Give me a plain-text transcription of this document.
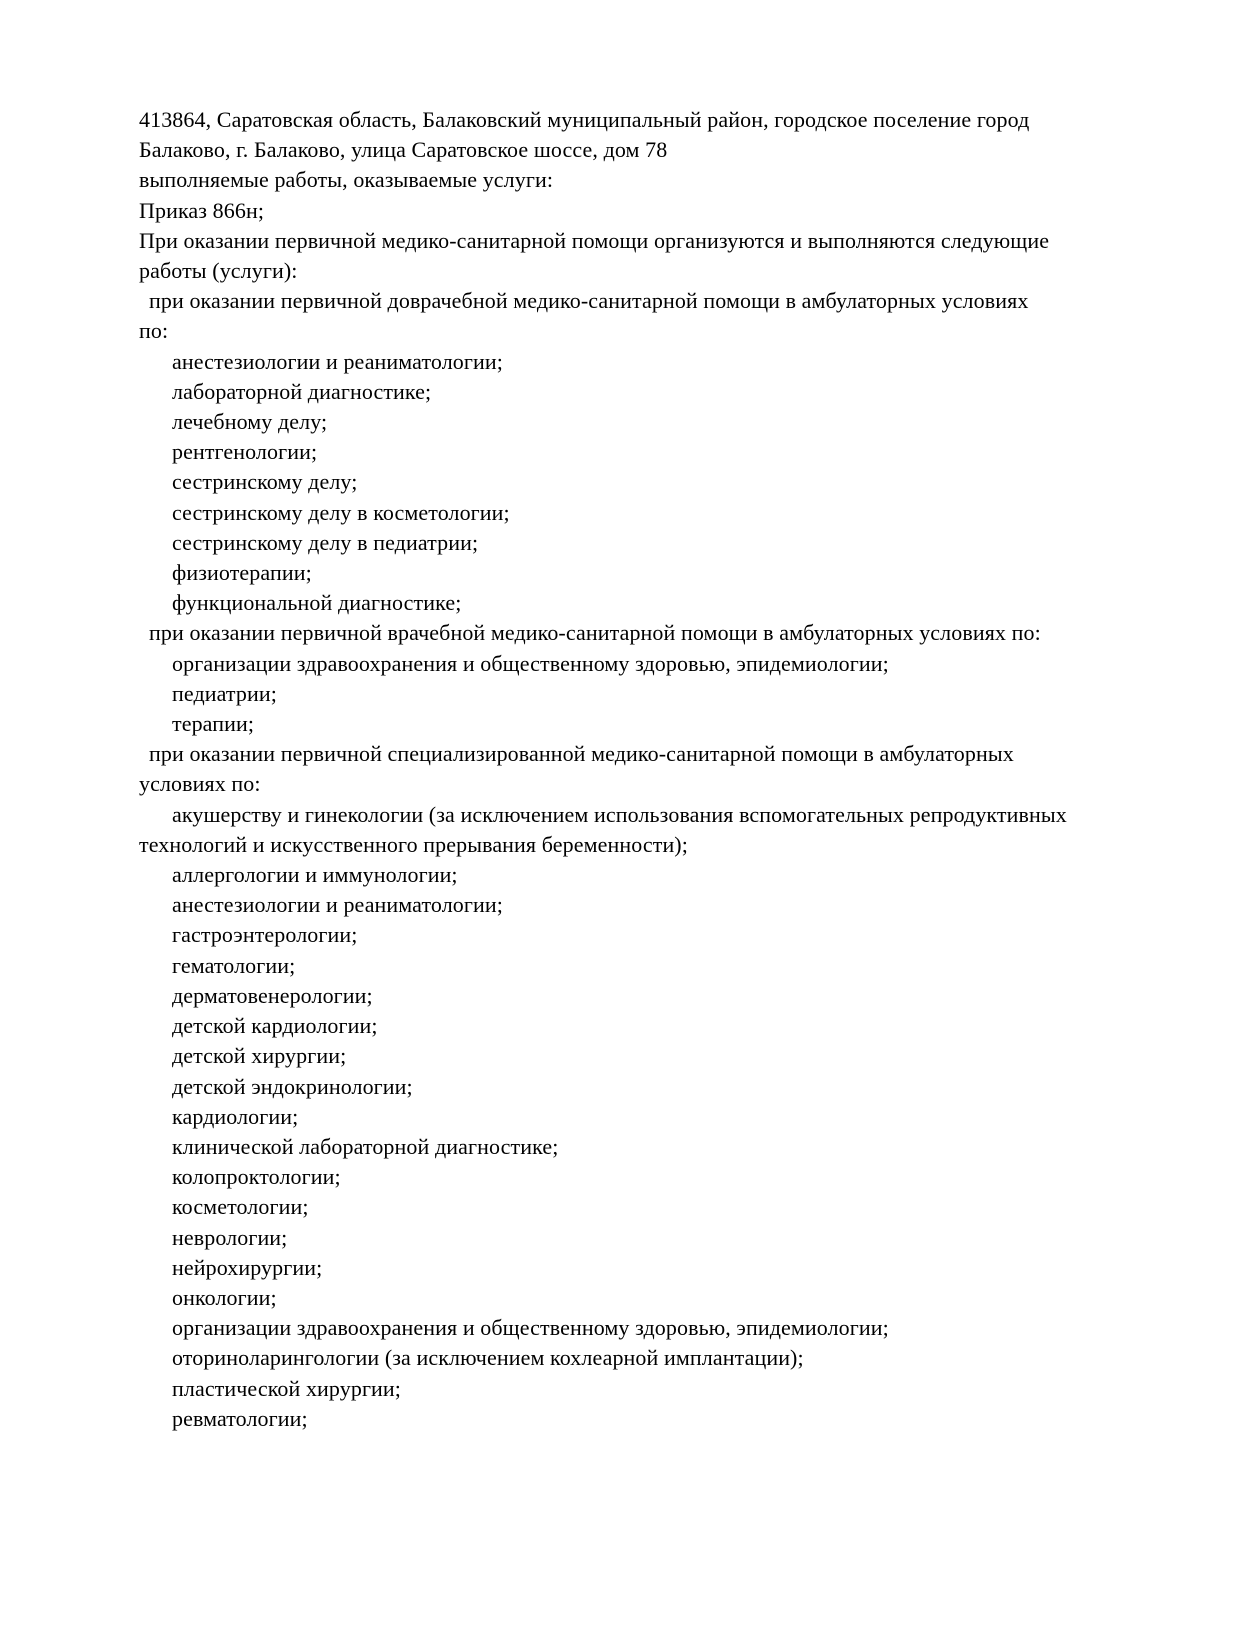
413864, Саратовская область, Балаковский муниципальный район, городское поселение город
Балаково, г. Балаково, улица Саратовское шоссе, дом 78
выполняемые работы, оказываемые услуги:
Приказ 866н;
При оказании первичной медико-санитарной помощи организуются и выполняются следующие
работы (услуги):
при оказании первичной доврачебной медико-санитарной помощи в амбулаторных условиях
по:
анестезиологии и реаниматологии;
лабораторной диагностике;
лечебному делу;
рентгенологии;
сестринскому делу;
сестринскому делу в косметологии;
сестринскому делу в педиатрии;
физиотерапии;
функциональной диагностике;
при оказании первичной врачебной медико-санитарной помощи в амбулаторных условиях по:
организации здравоохранения и общественному здоровью, эпидемиологии;
педиатрии;
терапии;
при оказании первичной специализированной медико-санитарной помощи в амбулаторных
условиях по:
акушерству и гинекологии (за исключением использования вспомогательных репродуктивных
технологий и искусственного прерывания беременности);
аллергологии и иммунологии;
анестезиологии и реаниматологии;
гастроэнтерологии;
гематологии;
дерматовенерологии;
детской кардиологии;
детской хирургии;
детской эндокринологии;
кардиологии;
клинической лабораторной диагностике;
колопроктологии;
косметологии;
неврологии;
нейрохирургии;
онкологии;
организации здравоохранения и общественному здоровью, эпидемиологии;
оториноларингологии (за исключением кохлеарной имплантации);
пластической хирургии;
ревматологии;
